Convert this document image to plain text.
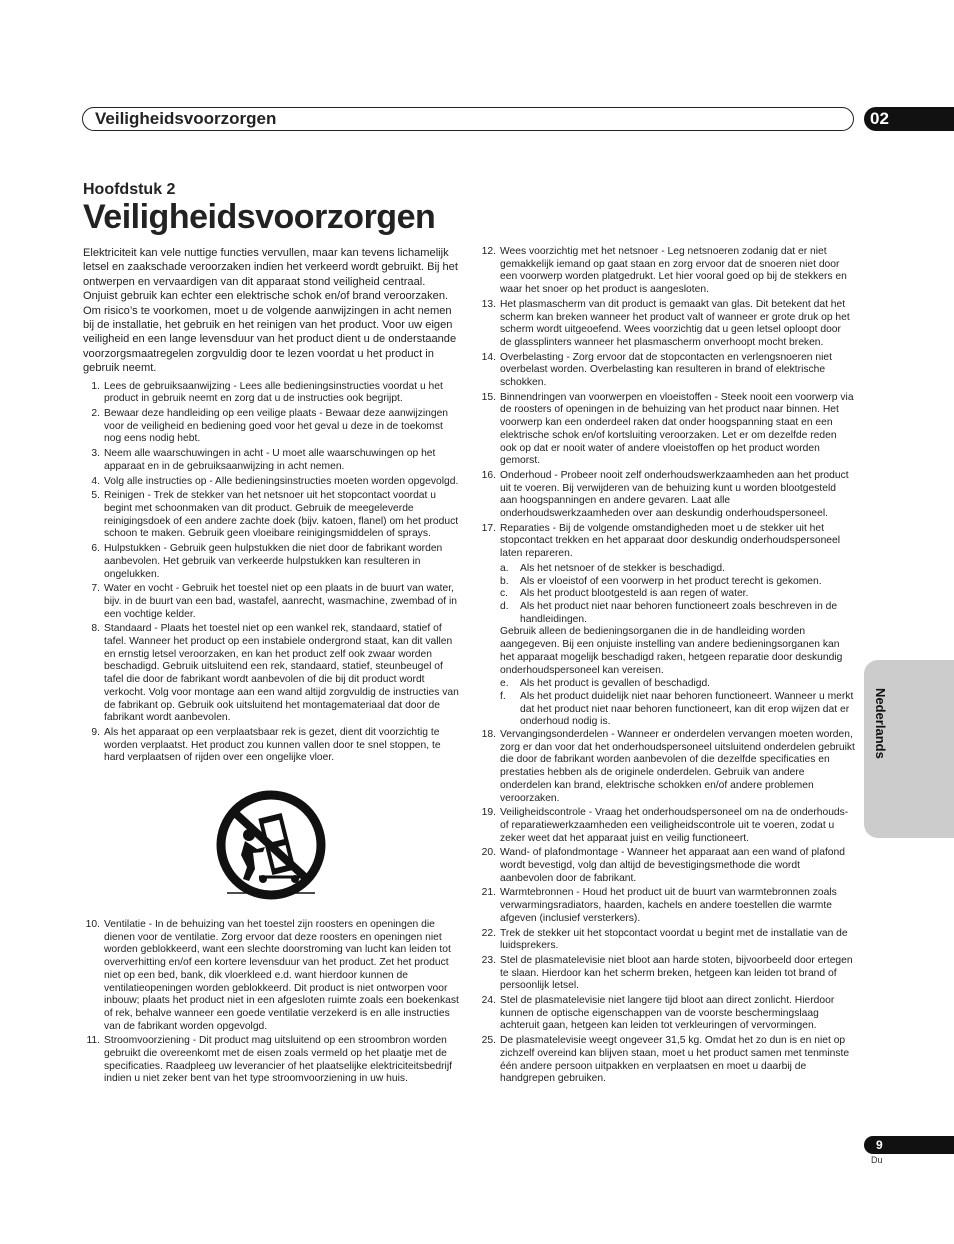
Veiligheidsvoorzorgen	02
Hoofdstuk 2
Veiligheidsvoorzorgen

Elektriciteit kan vele nuttige functies vervullen, maar kan tevens lichamelijk letsel en zaakschade veroorzaken indien het verkeerd wordt gebruikt. Bij het ontwerpen en vervaardigen van dit apparaat stond veiligheid centraal. Onjuist gebruik kan echter een elektrische schok en/of brand veroorzaken. Om risico’s te voorkomen, moet u de volgende aanwijzingen in acht nemen bij de installatie, het gebruik en het reinigen van het product. Voor uw eigen veiligheid en een lange levensduur van het product dient u de onderstaande voorzorgsmaatregelen zorgvuldig door te lezen voordat u het product in gebruik neemt.

1. Lees de gebruiksaanwijzing - Lees alle bedieningsinstructies voordat u het product in gebruik neemt en zorg dat u de instructies ook begrijpt.
2. Bewaar deze handleiding op een veilige plaats - Bewaar deze aanwijzingen voor de veiligheid en bediening goed voor het geval u deze in de toekomst nog eens nodig hebt.
3. Neem alle waarschuwingen in acht - U moet alle waarschuwingen op het apparaat en in de gebruiksaanwijzing in acht nemen.
4. Volg alle instructies op - Alle bedieningsinstructies moeten worden opgevolgd.
5. Reinigen - Trek de stekker van het netsnoer uit het stopcontact voordat u begint met schoonmaken van dit product. Gebruik de meegeleverde reinigingsdoek of een andere zachte doek (bijv. katoen, flanel) om het product schoon te maken. Gebruik geen vloeibare reinigingsmiddelen of sprays.
6. Hulpstukken - Gebruik geen hulpstukken die niet door de fabrikant worden aanbevolen. Het gebruik van verkeerde hulpstukken kan resulteren in ongelukken.
7. Water en vocht - Gebruik het toestel niet op een plaats in de buurt van water, bijv. in de buurt van een bad, wastafel, aanrecht, wasmachine, zwembad of in een vochtige kelder.
8. Standaard - Plaats het toestel niet op een wankel rek, standaard, statief of tafel. Wanneer het product op een instabiele ondergrond staat, kan dit vallen en ernstig letsel veroorzaken, en kan het product zelf ook zwaar worden beschadigd. Gebruik uitsluitend een rek, standaard, statief, steunbeugel of tafel die door de fabrikant wordt aanbevolen of die bij dit product wordt verkocht. Volg voor montage aan een wand altijd zorgvuldig de instructies van de fabrikant op. Gebruik ook uitsluitend het montagemateriaal dat door de fabrikant wordt aanbevolen.
9. Als het apparaat op een verplaatsbaar rek is gezet, dient dit voorzichtig te worden verplaatst. Het product zou kunnen vallen door te snel stoppen, te hard verplaatsen of rijden over een ongelijke vloer.
10. Ventilatie - In de behuizing van het toestel zijn roosters en openingen die dienen voor de ventilatie. Zorg ervoor dat deze roosters en openingen niet worden geblokkeerd, want een slechte doorstroming van lucht kan leiden tot oververhitting en/of een kortere levensduur van het product. Zet het product niet op een bed, bank, dik vloerkleed e.d. want hierdoor kunnen de ventilatieopeningen worden geblokkeerd. Dit product is niet ontworpen voor inbouw; plaats het product niet in een afgesloten ruimte zoals een boekenkast of rek, behalve wanneer een goede ventilatie verzekerd is en alle instructies van de fabrikant worden opgevolgd.
11. Stroomvoorziening - Dit product mag uitsluitend op een stroombron worden gebruikt die overeenkomt met de eisen zoals vermeld op het plaatje met de specificaties. Raadpleeg uw leverancier of het plaatselijke elektriciteitsbedrijf indien u niet zeker bent van het type stroomvoorziening in uw huis.
12. Wees voorzichtig met het netsnoer - Leg netsnoeren zodanig dat er niet gemakkelijk iemand op gaat staan en zorg ervoor dat de snoeren niet door een voorwerp worden platgedrukt. Let hier vooral goed op bij de stekkers en waar het snoer op het product is aangesloten.
13. Het plasmascherm van dit product is gemaakt van glas. Dit betekent dat het scherm kan breken wanneer het product valt of wanneer er grote druk op het scherm wordt uitgeoefend. Wees voorzichtig dat u geen letsel oploopt door de glassplinters wanneer het plasmascherm onverhoopt mocht breken.
14. Overbelasting - Zorg ervoor dat de stopcontacten en verlengsnoeren niet overbelast worden. Overbelasting kan resulteren in brand of elektrische schokken.
15. Binnendringen van voorwerpen en vloeistoffen - Steek nooit een voorwerp via de roosters of openingen in de behuizing van het product naar binnen. Het voorwerp kan een onderdeel raken dat onder hoogspanning staat en een elektrische schok en/of kortsluiting veroorzaken. Let er om dezelfde reden ook op dat er nooit water of andere vloeistoffen op het product worden gemorst.
16. Onderhoud - Probeer nooit zelf onderhoudswerkzaamheden aan het product uit te voeren. Bij verwijderen van de behuizing kunt u worden blootgesteld aan hoogspanningen en andere gevaren. Laat alle onderhoudswerkzaamheden over aan deskundig onderhoudspersoneel.
17. Reparaties - Bij de volgende omstandigheden moet u de stekker uit het stopcontact trekken en het apparaat door deskundig onderhoudspersoneel laten repareren.
a.	Als het netsnoer of de stekker is beschadigd.
b.	Als er vloeistof of een voorwerp in het product terecht is gekomen.
c.	Als het product blootgesteld is aan regen of water.
d.	Als het product niet naar behoren functioneert zoals beschreven in de handleidingen.
Gebruik alleen de bedieningsorganen die in de handleiding worden aangegeven. Bij een onjuiste instelling van andere bedieningsorganen kan het apparaat mogelijk beschadigd raken, hetgeen reparatie door deskundig onderhoudspersoneel kan vereisen.
e.	Als het product is gevallen of beschadigd.
f.	Als het product duidelijk niet naar behoren functioneert. Wanneer u merkt dat het product niet naar behoren functioneert, kan dit erop wijzen dat er onderhoud nodig is.
18. Vervangingsonderdelen - Wanneer er onderdelen vervangen moeten worden, zorg er dan voor dat het onderhoudspersoneel uitsluitend onderdelen gebruikt die door de fabrikant worden aanbevolen of die dezelfde specificaties en prestaties hebben als de originele onderdelen. Gebruik van andere onderdelen kan brand, elektrische schokken en/of andere problemen veroorzaken.
19. Veiligheidscontrole - Vraag het onderhoudspersoneel om na de onderhouds- of reparatiewerkzaamheden een veiligheidscontrole uit te voeren, zodat u zeker weet dat het apparaat juist en veilig functioneert.
20. Wand- of plafondmontage - Wanneer het apparaat aan een wand of plafond wordt bevestigd, volg dan altijd de bevestigingsmethode die wordt aanbevolen door de fabrikant.
21. Warmtebronnen - Houd het product uit de buurt van warmtebronnen zoals verwarmingsradiators, haarden, kachels en andere toestellen die warmte afgeven (inclusief versterkers).
22. Trek de stekker uit het stopcontact voordat u begint met de installatie van de luidsprekers.
23. Stel de plasmatelevisie niet bloot aan harde stoten, bijvoorbeeld door ertegen te slaan. Hierdoor kan het scherm breken, hetgeen kan leiden tot brand of persoonlijk letsel.
24. Stel de plasmatelevisie niet langere tijd bloot aan direct zonlicht. Hierdoor kunnen de optische eigenschappen van de voorste beschermingslaag achteruit gaan, hetgeen kan leiden tot verkleuringen of vervormingen.
25. De plasmatelevisie weegt ongeveer 31,5 kg. Omdat het zo dun is en niet op zichzelf overeind kan blijven staan, moet u het product samen met tenminste één andere persoon uitpakken en verplaatsen en moet u daarbij de handgrepen gebruiken.
Nederlands
9
Du
